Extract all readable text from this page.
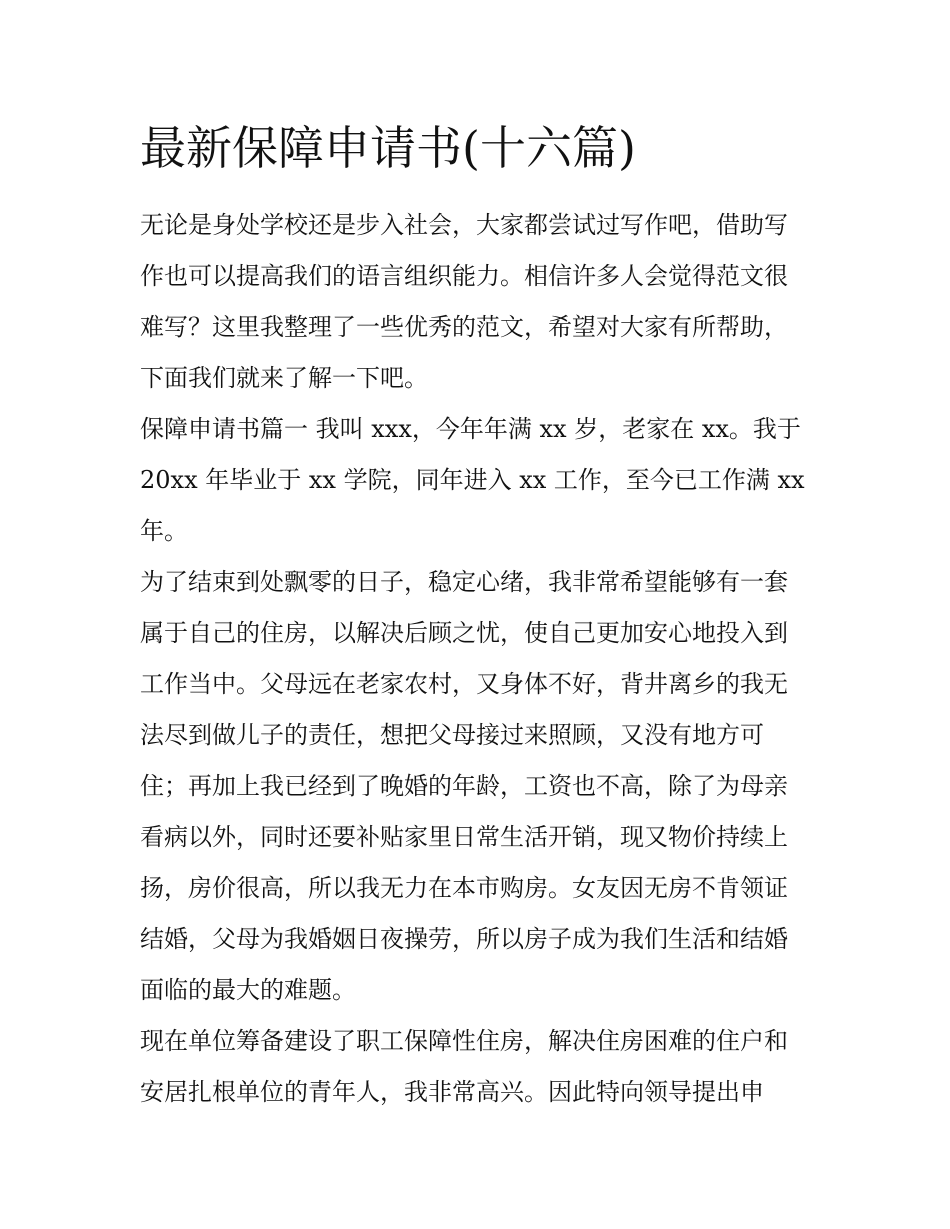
最新保障申请书(十六篇)
无论是身处学校还是步入社会，大家都尝试过写作吧，借助写
作也可以提高我们的语言组织能力。相信许多人会觉得范文很
难写？这里我整理了一些优秀的范文，希望对大家有所帮助，
下面我们就来了解一下吧。
保障申请书篇一 我叫 xxx，今年年满 xx 岁，老家在 xx。我于
20xx 年毕业于 xx 学院，同年进入 xx 工作，至今已工作满 xx
年。
为了结束到处飘零的日子，稳定心绪，我非常希望能够有一套
属于自己的住房，以解决后顾之忧，使自己更加安心地投入到
工作当中。父母远在老家农村，又身体不好，背井离乡的我无
法尽到做儿子的责任，想把父母接过来照顾，又没有地方可
住；再加上我已经到了晚婚的年龄，工资也不高，除了为母亲
看病以外，同时还要补贴家里日常生活开销，现又物价持续上
扬，房价很高，所以我无力在本市购房。女友因无房不肯领证
结婚，父母为我婚姻日夜操劳，所以房子成为我们生活和结婚
面临的最大的难题。
现在单位筹备建设了职工保障性住房，解决住房困难的住户和
安居扎根单位的青年人，我非常高兴。因此特向领导提出申
